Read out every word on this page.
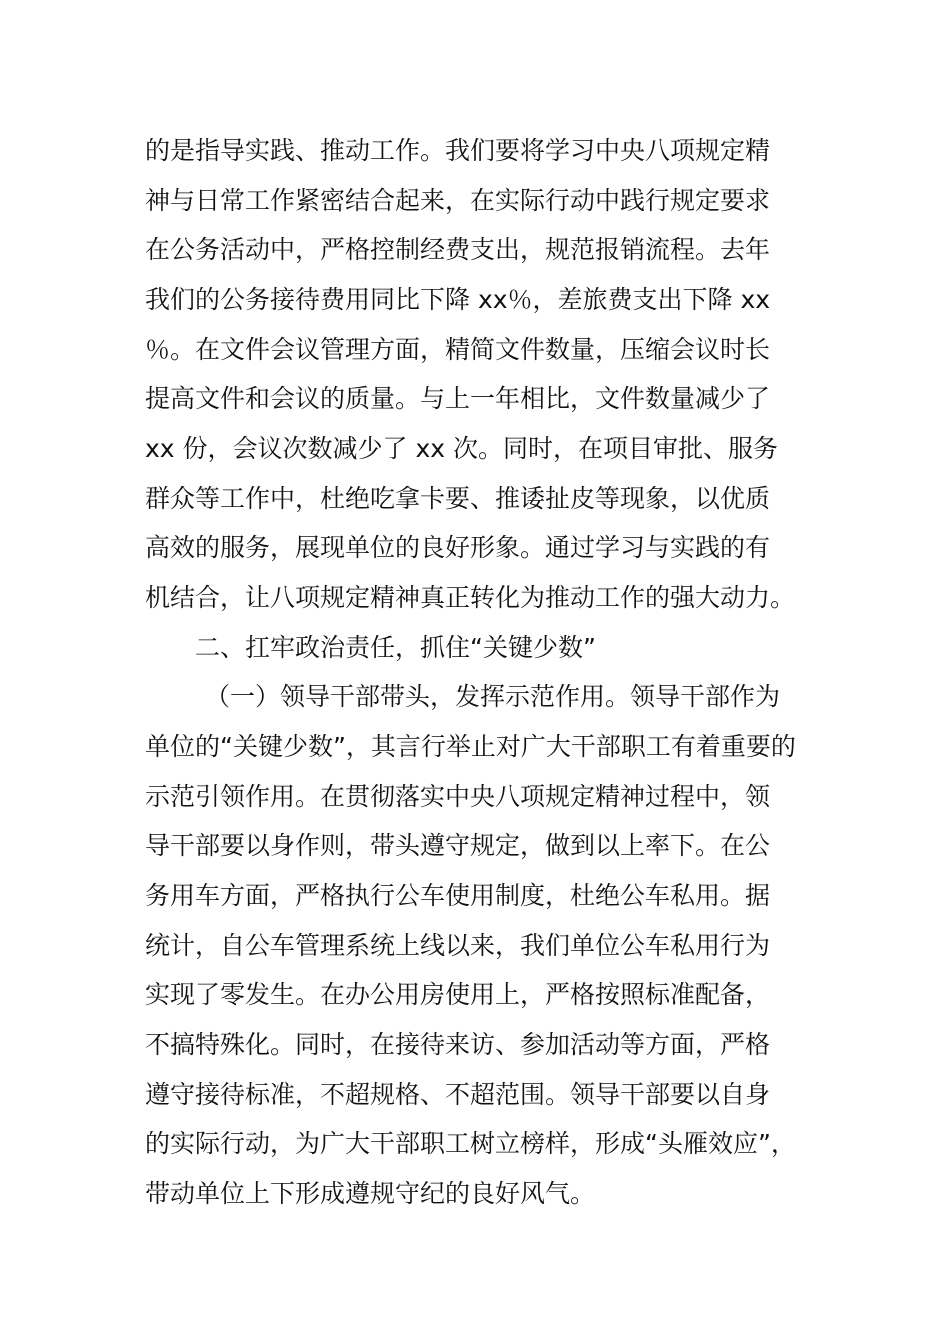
的是指导实践、推动工作。我们要将学习中央八项规定精
神与日常工作紧密结合起来，在实际行动中践行规定要求
在公务活动中，严格控制经费支出，规范报销流程。去年
我们的公务接待费用同比下降 xx％，差旅费支出下降 xx
％。在文件会议管理方面，精简文件数量，压缩会议时长
提高文件和会议的质量。与上一年相比，文件数量减少了
xx 份，会议次数减少了 xx 次。同时，在项目审批、服务
群众等工作中，杜绝吃拿卡要、推诿扯皮等现象，以优质
高效的服务，展现单位的良好形象。通过学习与实践的有
机结合，让八项规定精神真正转化为推动工作的强大动力。
二、扛牢政治责任，抓住“关键少数”
（一）领导干部带头，发挥示范作用。领导干部作为
单位的“关键少数”，其言行举止对广大干部职工有着重要的
示范引领作用。在贯彻落实中央八项规定精神过程中，领
导干部要以身作则，带头遵守规定，做到以上率下。在公
务用车方面，严格执行公车使用制度，杜绝公车私用。据
统计，自公车管理系统上线以来，我们单位公车私用行为
实现了零发生。在办公用房使用上，严格按照标准配备，
不搞特殊化。同时，在接待来访、参加活动等方面，严格
遵守接待标准，不超规格、不超范围。领导干部要以自身
的实际行动，为广大干部职工树立榜样，形成“头雁效应”，
带动单位上下形成遵规守纪的良好风气。
